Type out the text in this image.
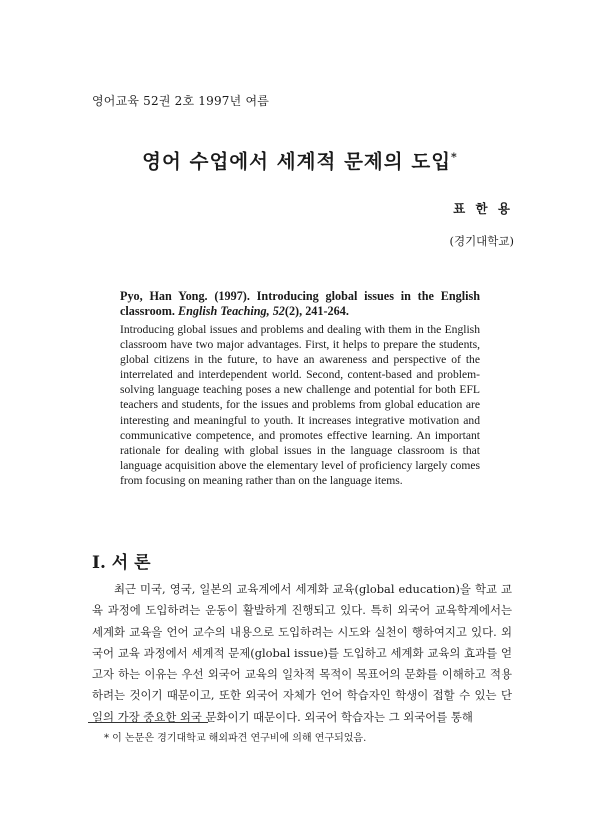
영어교육 52권 2호 1997년 여름
영어 수업에서 세계적 문제의 도입*
표 한 용
(경기대학교)
Pyo, Han Yong. (1997). Introducing global issues in the English classroom. English Teaching, 52(2), 241-264.
Introducing global issues and problems and dealing with them in the English classroom have two major advantages. First, it helps to prepare the students, global citizens in the future, to have an awareness and perspective of the interrelated and interdependent world. Second, content-based and problem-solving language teaching poses a new challenge and potential for both EFL teachers and students, for the issues and problems from global education are interesting and meaningful to youth. It increases integrative motivation and communicative competence, and promotes effective learning. An important rationale for dealing with global issues in the language classroom is that language acquisition above the elementary level of proficiency largely comes from focusing on meaning rather than on the language items.
I. 서 론
최근 미국, 영국, 일본의 교육계에서 세계화 교육(global education)을 학교 교육 과정에 도입하려는 운동이 활발하게 진행되고 있다. 특히 외국어 교육학계에서는 세계화 교육을 언어 교수의 내용으로 도입하려는 시도와 실천이 행하여지고 있다. 외국어 교육 과정에서 세계적 문제(global issue)를 도입하고 세계화 교육의 효과를 얻고자 하는 이유는 우선 외국어 교육의 일차적 목적이 목표어의 문화를 이해하고 적용하려는 것이기 때문이고, 또한 외국어 자체가 언어 학습자인 학생이 접할 수 있는 단일의 가장 중요한 외국 문화이기 때문이다. 외국어 학습자는 그 외국어를 통해
* 이 논문은 경기대학교 해외파견 연구비에 의해 연구되었음.
